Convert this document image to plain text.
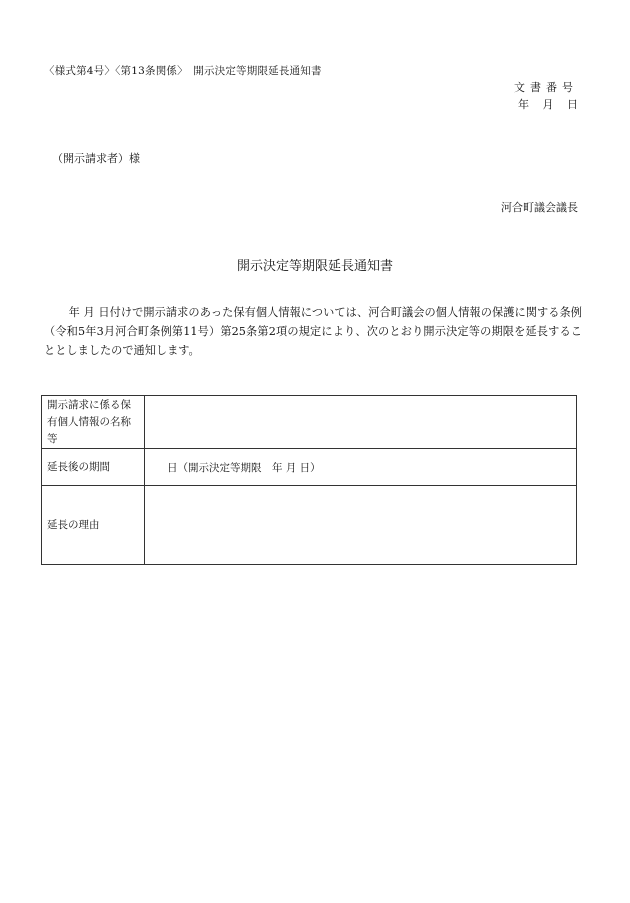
〈様式第4号〉〈第13条関係〉　開示決定等期限延長通知書
文書番号
年 月 日
（開示請求者）様
河合町議会議長
開示決定等期限延長通知書
年 月 日付けで開示請求のあった保有個人情報については、河合町議会の個人情報の保護に関する条例（令和5年3月河合町条例第11号）第25条第2項の規定により、次のとおり開示決定等の期限を延長することとしましたので通知します。
開示請求に係る保有個人情報の名称等	
延長後の期間	日（開示決定等期限　年 月 日）
延長の理由	
